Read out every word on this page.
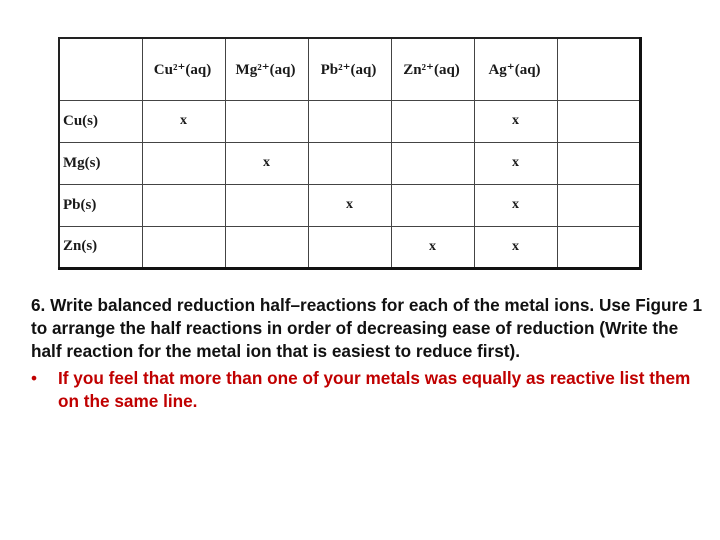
	Cu²⁺(aq)	Mg²⁺(aq)	Pb²⁺(aq)	Zn²⁺(aq)	Ag⁺(aq)	
Cu(s)	x				x	
Mg(s)		x			x	
Pb(s)			x		x	
Zn(s)				x	x	

6. Write balanced reduction half–reactions for each of the metal ions. Use Figure 1 to arrange the half reactions in order of decreasing ease of reduction (Write the half reaction for the metal ion that is easiest to reduce first).

• If you feel that more than one of your metals was equally as reactive list them on the same line.
